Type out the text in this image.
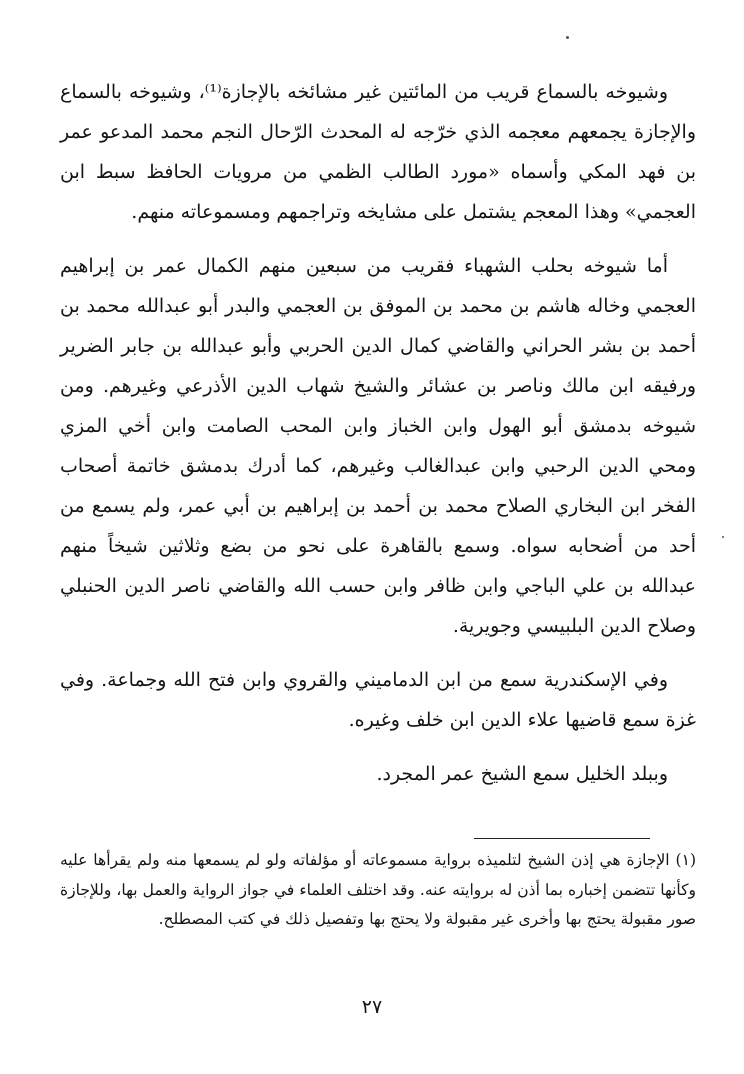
وشيوخه بالسماع قريب من المائتين غير مشائخه بالإجازة⁽¹⁾، وشيوخه بالسماع والإجازة يجمعهم معجمه الذي خرّجه له المحدث الرّحال النجم محمد المدعو عمر بن فهد المكي وأسماه «مورد الطالب الظمي من مرويات الحافظ سبط ابن العجمي» وهذا المعجم يشتمل على مشايخه وتراجمهم ومسموعاته منهم.

أما شيوخه بحلب الشهباء فقريب من سبعين منهم الكمال عمر بن إبراهيم العجمي وخاله هاشم بن محمد بن الموفق بن العجمي والبدر أبو عبدالله محمد بن أحمد بن بشر الحراني والقاضي كمال الدين الحربي وأبو عبدالله بن جابر الضرير ورفيقه ابن مالك وناصر بن عشائر والشيخ شهاب الدين الأذرعي وغيرهم. ومن شيوخه بدمشق أبو الهول وابن الخباز وابن المحب الصامت وابن أخي المزي ومحي الدين الرحبي وابن عبدالغالب وغيرهم، كما أدرك بدمشق خاتمة أصحاب الفخر ابن البخاري الصلاح محمد بن أحمد بن إبراهيم بن أبي عمر، ولم يسمع من أحد من أضحابه سواه. وسمع بالقاهرة على نحو من بضع وثلاثين شيخاً منهم عبدالله بن علي الباجي وابن ظافر وابن حسب الله والقاضي ناصر الدين الحنبلي وصلاح الدين البلبيسي وجويرية.

وفي الإسكندرية سمع من ابن الدماميني والقروي وابن فتح الله وجماعة. وفي غزة سمع قاضيها علاء الدين ابن خلف وغيره.

وببلد الخليل سمع الشيخ عمر المجرد.

(١) الإجازة هي إذن الشيخ لتلميذه برواية مسموعاته أو مؤلفاته ولو لم يسمعها منه ولم يقرأها عليه وكأنها تتضمن إخباره بما أذن له بروايته عنه. وقد اختلف العلماء في جواز الرواية والعمل بها، وللإجازة صور مقبولة يحتج بها وأخرى غير مقبولة ولا يحتج بها وتفصيل ذلك في كتب المصطلح.

٢٧
